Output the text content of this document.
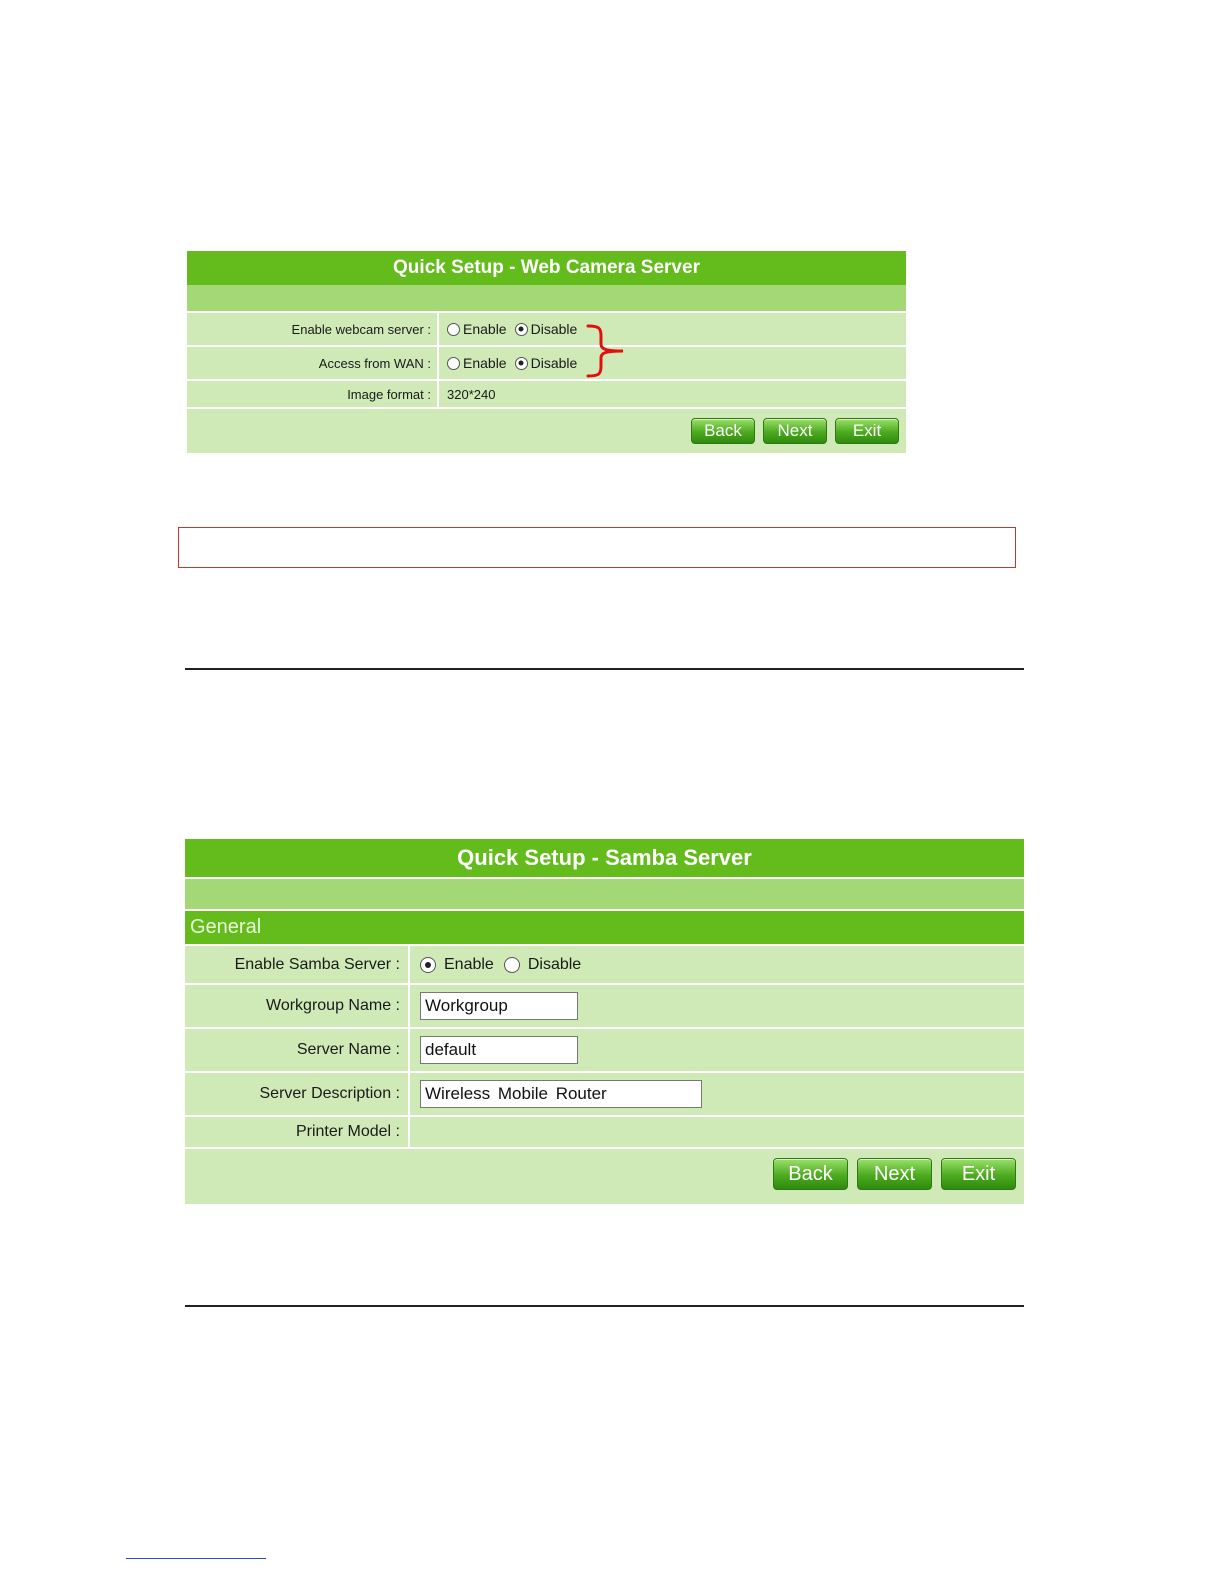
Quick Setup - Web Camera Server
Enable webcam server :	Enable Disable
Access from WAN :	Enable Disable
Image format :	320*240
Back	Next	Exit
Quick Setup - Samba Server
General
Enable Samba Server :	Enable Disable
Workgroup Name :	Workgroup
Server Name :	default
Server Description :	Wireless Mobile Router
Printer Model :
Back	Next	Exit
